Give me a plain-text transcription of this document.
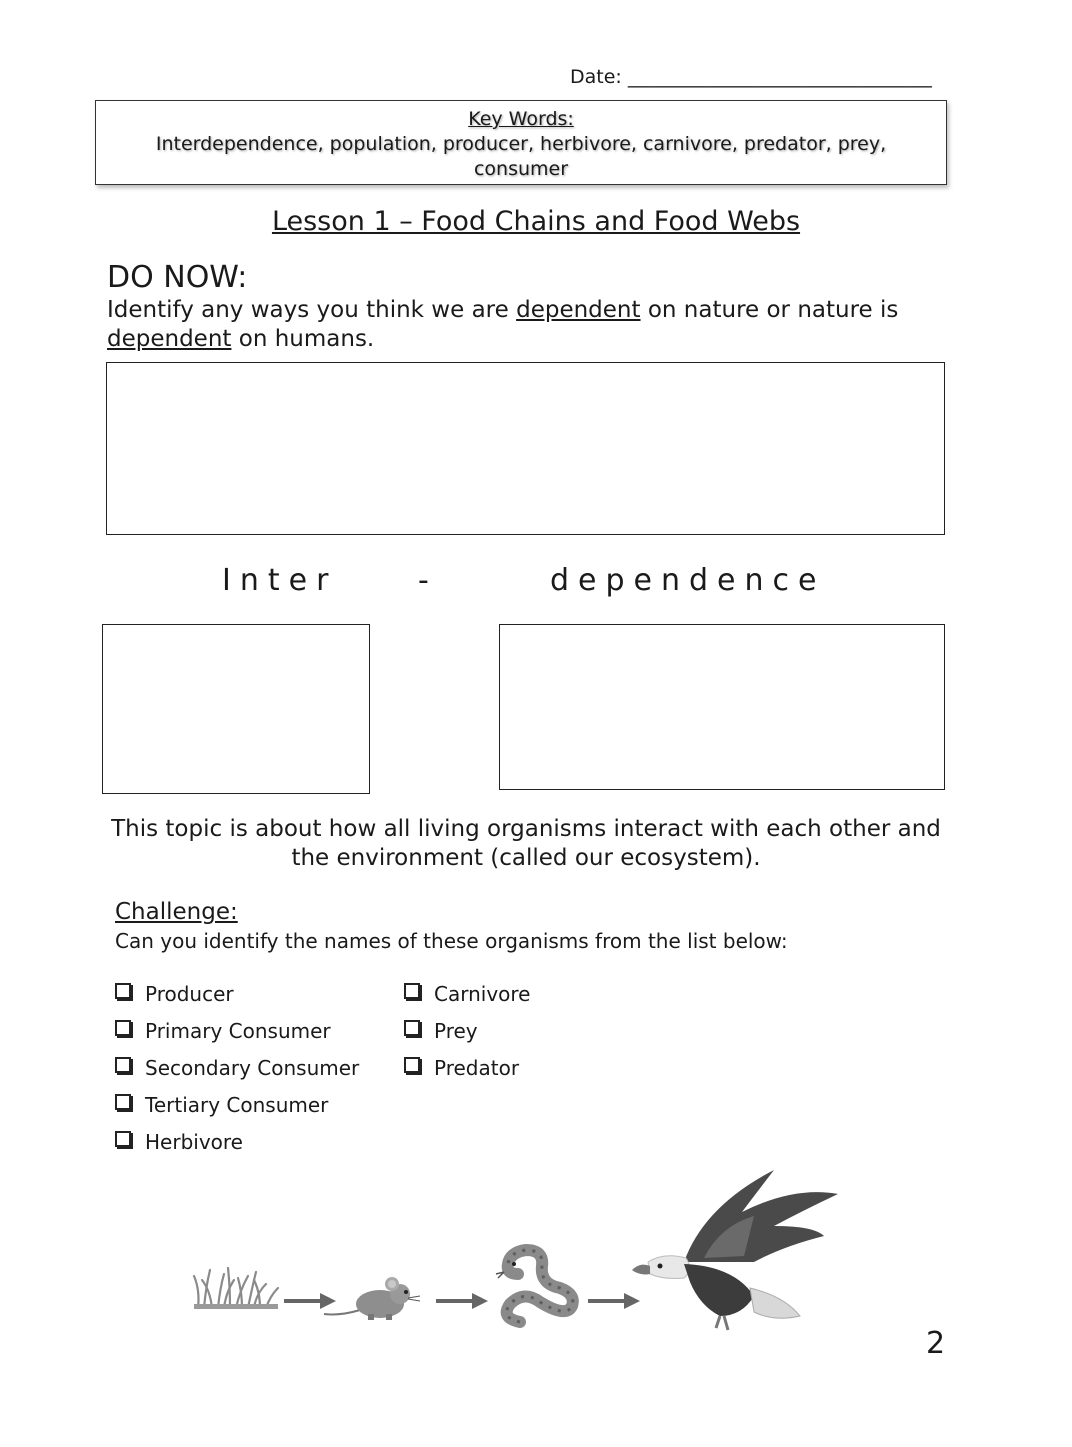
Date: ________________________________
Key Words:
Interdependence, population, producer, herbivore, carnivore, predator, prey,
consumer
Lesson 1 – Food Chains and Food Webs
DO NOW:
Identify any ways you think we are dependent on nature or nature is
dependent on humans.
Inter	-	dependence
This topic is about how all living organisms interact with each other and the environment (called our ecosystem).
Challenge:
Can you identify the names of these organisms from the list below:
Producer
Primary Consumer
Secondary Consumer
Tertiary Consumer
Carnivore
Prey
Predator
Herbivore
2
